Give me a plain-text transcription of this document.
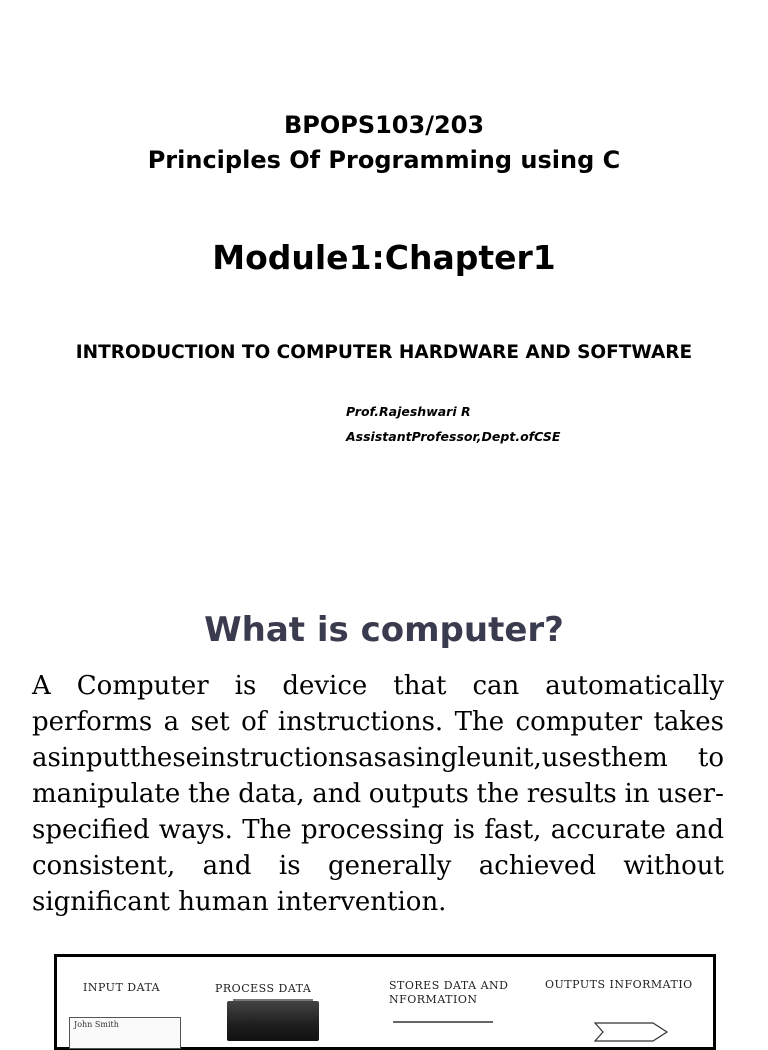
BPOPS103/203
Principles Of Programming using C
Module1:Chapter1
INTRODUCTION TO COMPUTER HARDWARE AND SOFTWARE
Prof.Rajeshwari R
AssistantProfessor,Dept.ofCSE
What is computer?
A Computer is device that can automatically
performs a set of instructions. The computer takes
asinputtheseinstructionsasasingleunit,usesthem to
manipulate the data, and outputs the results in user-
specified ways. The processing is fast, accurate and
consistent, and is generally achieved without
significant human intervention.
INPUT DATA	PROCESS DATA	STORES DATA AND NFORMATION
OUTPUTS INFORMATIO
John Smith
